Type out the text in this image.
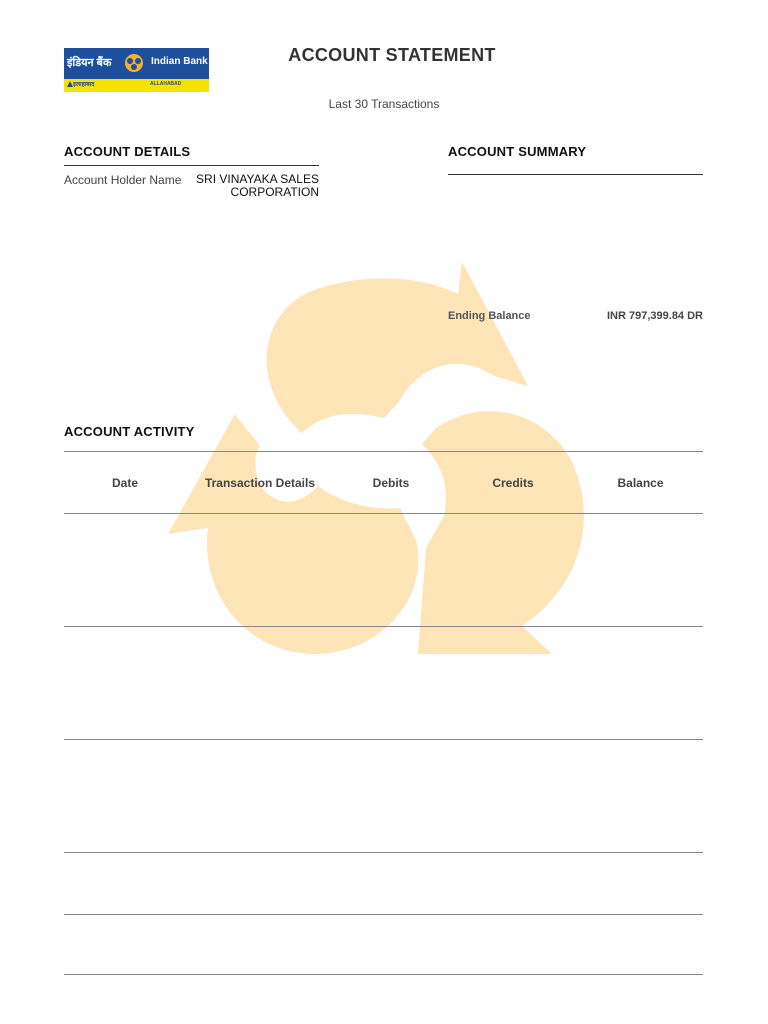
इंडियन बैंक	Indian Bank
इलाहाबाद	ALLAHABAD
ACCOUNT STATEMENT
Last 30 Transactions
ACCOUNT DETAILS
Account Holder Name	SRI VINAYAKA SALES CORPORATION
ACCOUNT SUMMARY
Ending Balance	INR 797,399.84 DR
ACCOUNT ACTIVITY
Date	Transaction Details	Debits	Credits	Balance
